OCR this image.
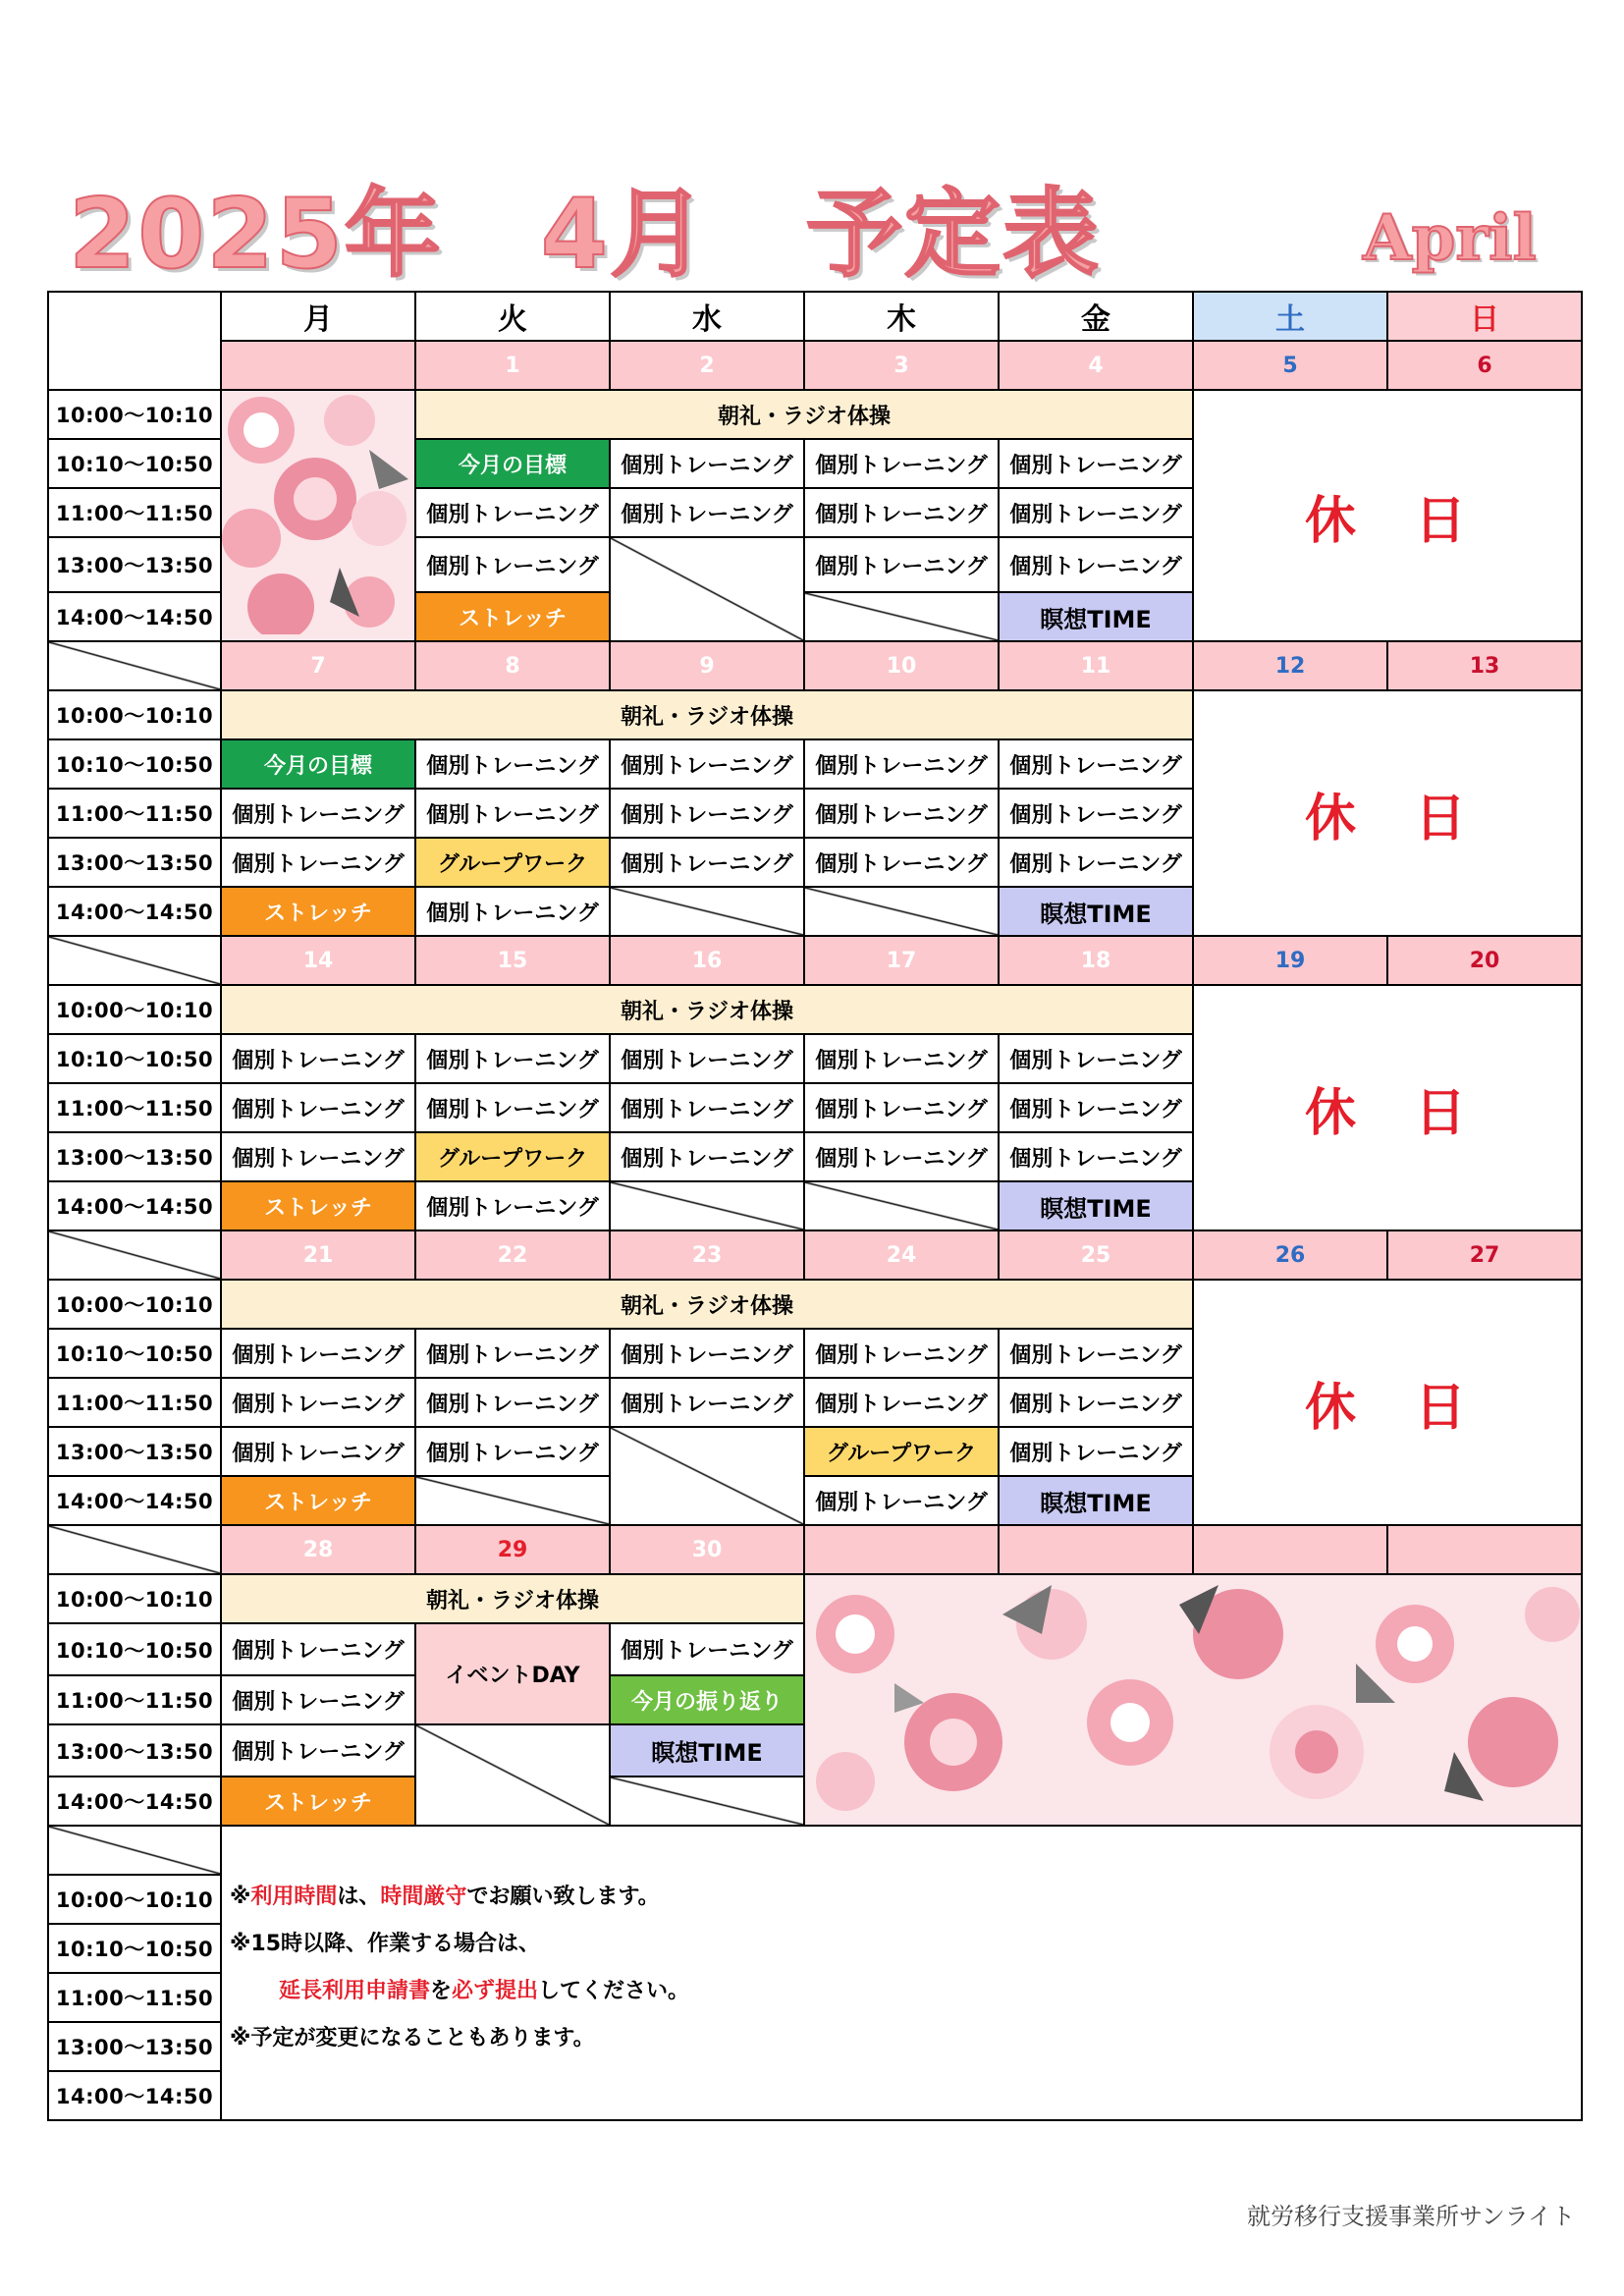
2025年　4月　予定表	April
	月	火	水	木	金	土	日
		1	2	3	4	5	6
10:00〜10:10		朝礼・ラジオ体操				休　日	
10:10〜10:50		今月の目標	個別トレーニング	個別トレーニング	個別トレーニング		
11:00〜11:50		個別トレーニング	個別トレーニング	個別トレーニング	個別トレーニング		
13:00〜13:50		個別トレーニング		個別トレーニング	個別トレーニング		
14:00〜14:50		ストレッチ			瞑想TIME		
	7	8	9	10	11	12	13
10:00〜10:10	朝礼・ラジオ体操					休　日	
10:10〜10:50	今月の目標	個別トレーニング	個別トレーニング	個別トレーニング	個別トレーニング		
11:00〜11:50	個別トレーニング	個別トレーニング	個別トレーニング	個別トレーニング	個別トレーニング		
13:00〜13:50	個別トレーニング	グループワーク	個別トレーニング	個別トレーニング	個別トレーニング		
14:00〜14:50	ストレッチ	個別トレーニング			瞑想TIME		
	14	15	16	17	18	19	20
10:00〜10:10	朝礼・ラジオ体操					休　日	
10:10〜10:50	個別トレーニング	個別トレーニング	個別トレーニング	個別トレーニング	個別トレーニング		
11:00〜11:50	個別トレーニング	個別トレーニング	個別トレーニング	個別トレーニング	個別トレーニング		
13:00〜13:50	個別トレーニング	グループワーク	個別トレーニング	個別トレーニング	個別トレーニング		
14:00〜14:50	ストレッチ	個別トレーニング			瞑想TIME		
	21	22	23	24	25	26	27
10:00〜10:10	朝礼・ラジオ体操					休　日	
10:10〜10:50	個別トレーニング	個別トレーニング	個別トレーニング	個別トレーニング	個別トレーニング		
11:00〜11:50	個別トレーニング	個別トレーニング	個別トレーニング	個別トレーニング	個別トレーニング		
13:00〜13:50	個別トレーニング	個別トレーニング		グループワーク	個別トレーニング		
14:00〜14:50	ストレッチ			個別トレーニング	瞑想TIME		
	28	29	30				
10:00〜10:10	朝礼・ラジオ体操	
10:10〜10:50	個別トレーニング	イベントDAY	個別トレーニング				
11:00〜11:50	個別トレーニング		今月の振り返り				
13:00〜13:50	個別トレーニング		瞑想TIME				
14:00〜14:50	ストレッチ						

	※利用時間は、時間厳守でお願い致します。
※15時以降、作業する場合は、
延長利用申請書を必ず提出してください。
※予定が変更になることもあります。						

10:00〜10:10							
10:10〜10:50							
11:00〜11:50							
13:00〜13:50							
14:00〜14:50							
就労移行支援事業所サンライト
